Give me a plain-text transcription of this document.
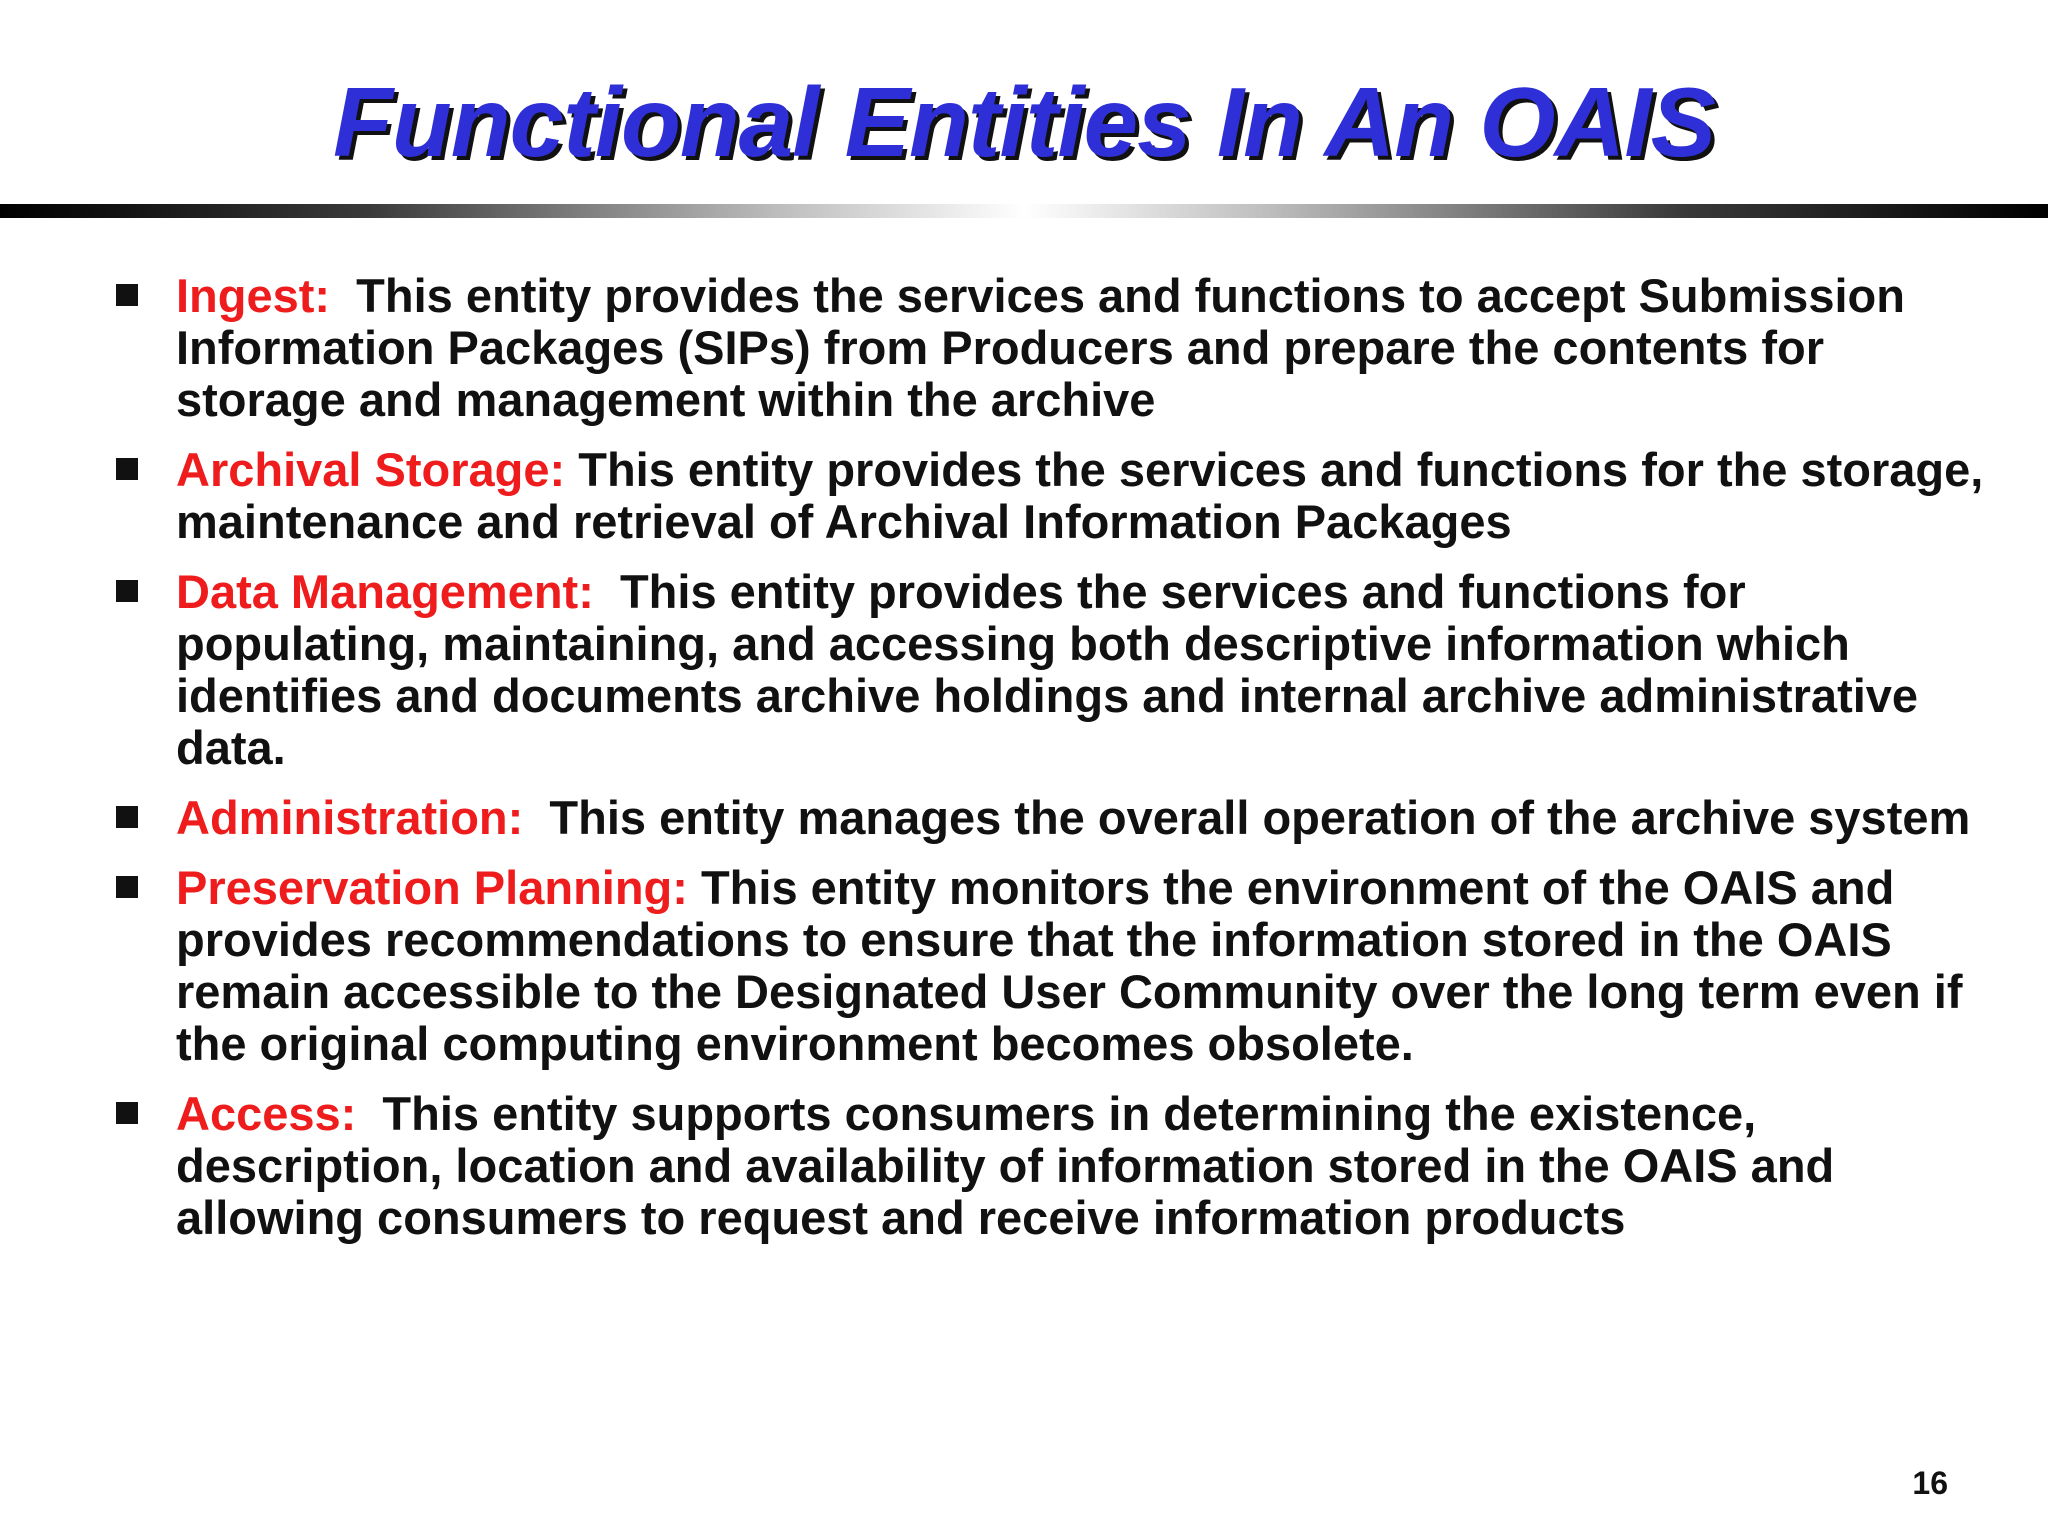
Functional Entities In An OAIS
Ingest:  This entity provides the services and functions to accept Submission Information Packages (SIPs) from Producers and prepare the contents for storage and management within the archive
Archival Storage: This entity provides the services and functions for the storage, maintenance and retrieval of Archival Information Packages
Data Management:  This entity provides the services and functions for populating, maintaining, and accessing both descriptive information which identifies and documents archive holdings and internal archive administrative data.
Administration:  This entity manages the overall operation of the archive system
Preservation Planning: This entity monitors the environment of the OAIS and provides recommendations to ensure that the information stored in the OAIS remain accessible to the Designated User Community over the long term even if the original computing environment becomes obsolete.
Access:  This entity supports consumers in determining the existence, description, location and availability of information stored in the OAIS and allowing consumers to request and receive information products
16
